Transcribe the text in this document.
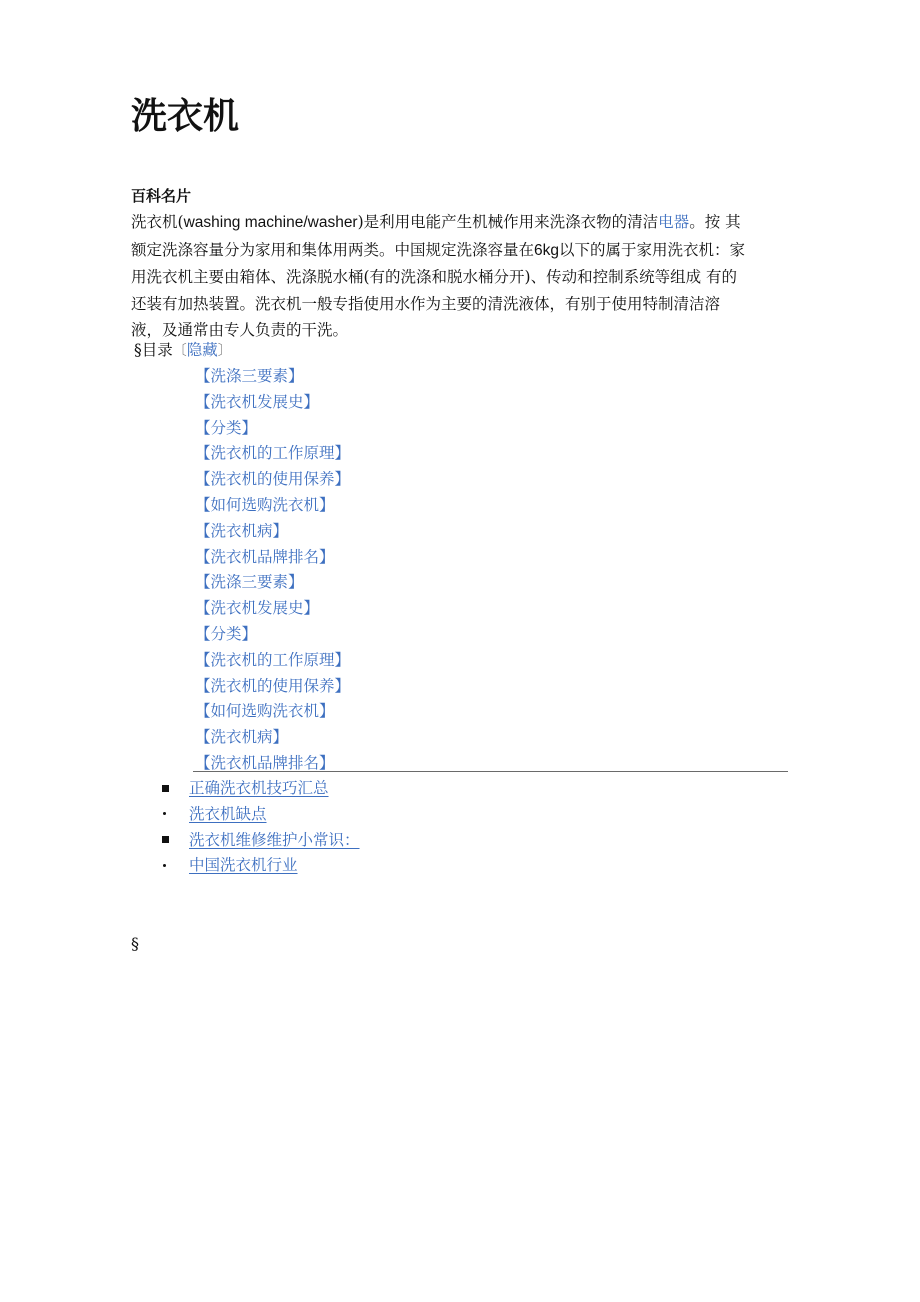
洗衣机
百科名片
洗衣机(washing machine/washer)是利用电能产生机械作用来洗涤衣物的清洁电器。按 其
额定洗涤容量分为家用和集体用两类。中国规定洗涤容量在6kg以下的属于家用洗衣机：家
用洗衣机主要由箱体、洗涤脱水桶(有的洗涤和脱水桶分开)、传动和控制系统等组成 有的
还装有加热装置。洗衣机一般专指使用水作为主要的清洗液体，有别于使用特制清洁溶
液，及通常由专人负责的干洗。
§目录〔隐藏〕
【洗涤三要素】
【洗衣机发展史】
【分类】
【洗衣机的工作原理】
【洗衣机的使用保养】
【如何选购洗衣机】
【洗衣机病】
【洗衣机品牌排名】
【洗涤三要素】
【洗衣机发展史】
【分类】
【洗衣机的工作原理】
【洗衣机的使用保养】
【如何选购洗衣机】
【洗衣机病】
【洗衣机品牌排名】
正确洗衣机技巧汇总
洗衣机缺点
洗衣机维修维护小常识：
中国洗衣机行业
§
